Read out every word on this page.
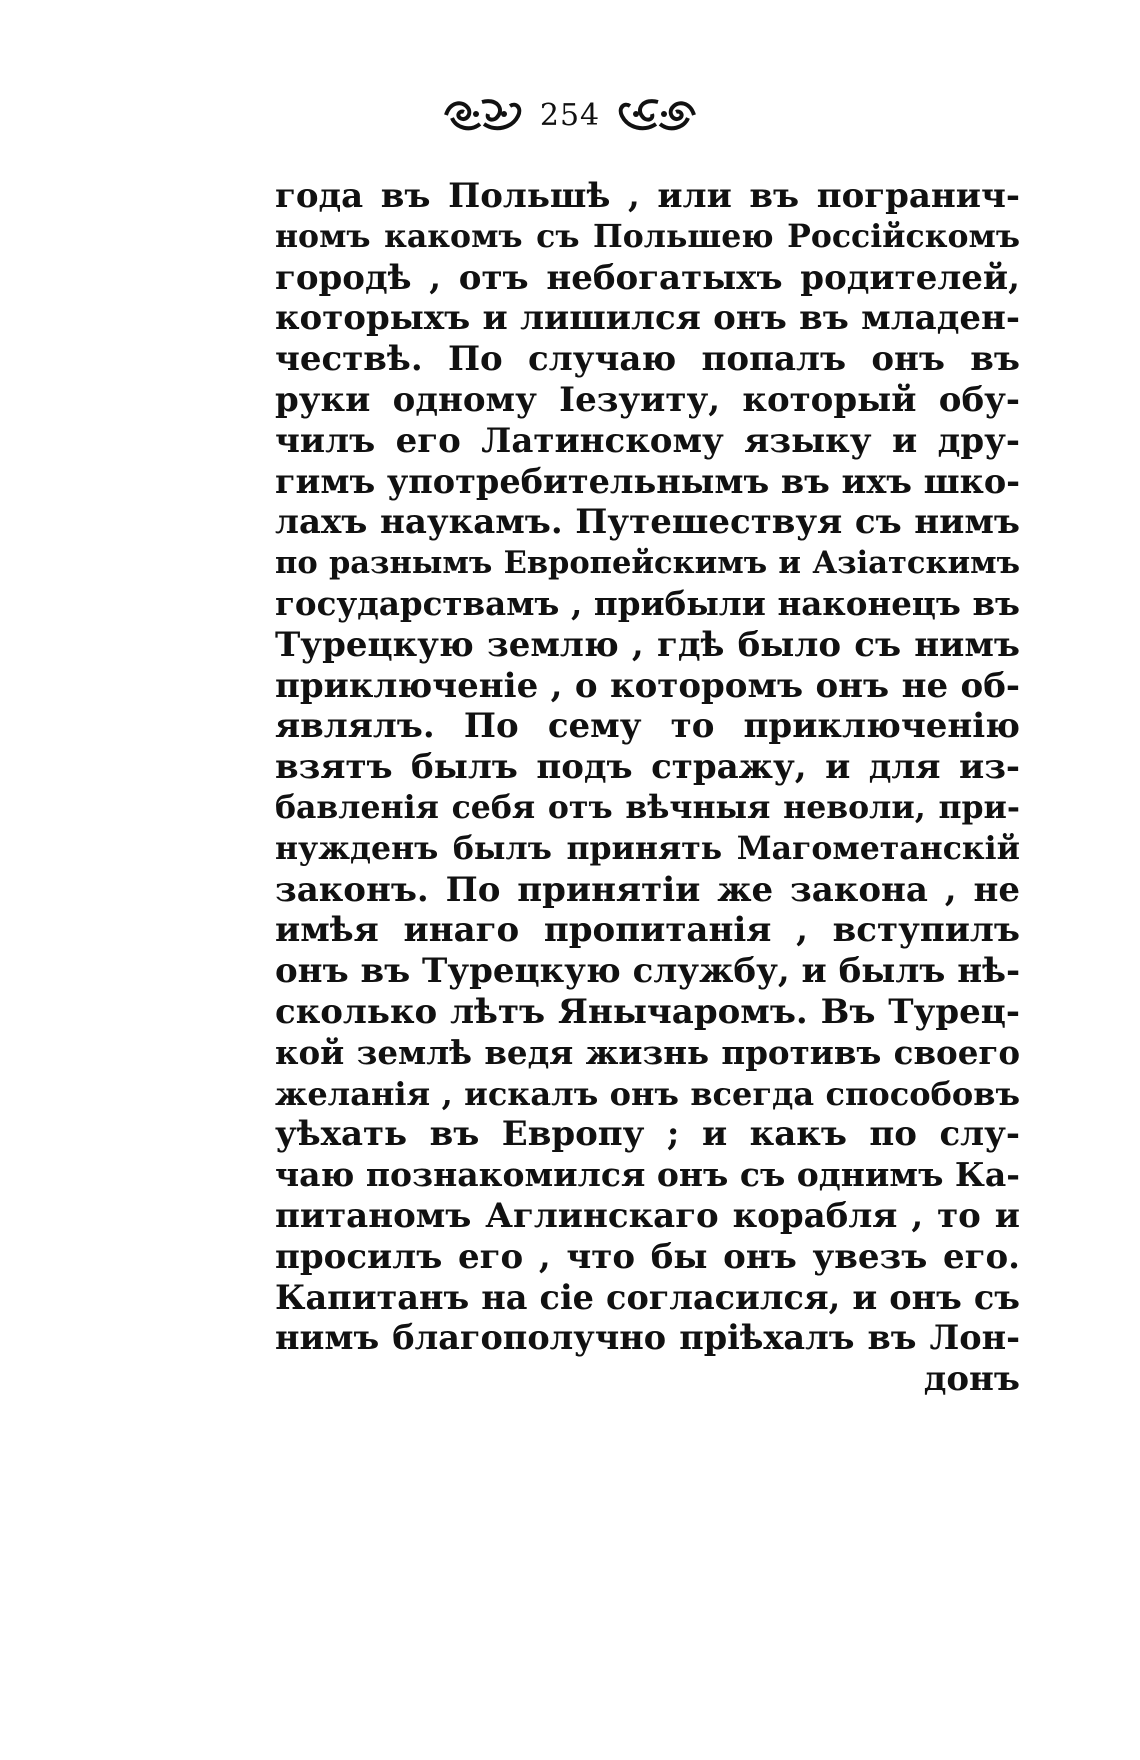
254
года въ Польшѣ , или въ погранич-
номъ какомъ съ Польшею Россійскомъ
городѣ , отъ небогатыхъ родителей,
которыхъ и лишился онъ въ младен-
чествѣ. По случаю попалъ онъ въ
руки одному Іезуиту, который обу-
чилъ его Латинскому языку и дру-
гимъ употребительнымъ въ ихъ шко-
лахъ наукамъ. Путешествуя съ нимъ
по разнымъ Европейскимъ и Азіатскимъ
государствамъ , прибыли наконецъ въ
Турецкую землю , гдѣ было съ нимъ
приключеніе , о которомъ онъ не об-
являлъ. По сему то приключенію
взятъ былъ подъ стражу, и для из-
бавленія себя отъ вѣчныя неволи, при-
нужденъ былъ принять Магометанскій
законъ. По принятіи же закона , не
имѣя инаго пропитанія , вступилъ
онъ въ Турецкую службу, и былъ нѣ-
сколько лѣтъ Янычаромъ. Въ Турец-
кой землѣ ведя жизнь противъ своего
желанія , искалъ онъ всегда способовъ
уѣхать въ Европу ; и какъ по слу-
чаю познакомился онъ съ однимъ Ка-
питаномъ Аглинскаго корабля , то и
просилъ его , что бы онъ увезъ его.
Капитанъ на сіе согласился, и онъ съ
нимъ благополучно пріѣхалъ въ Лон-
донъ
